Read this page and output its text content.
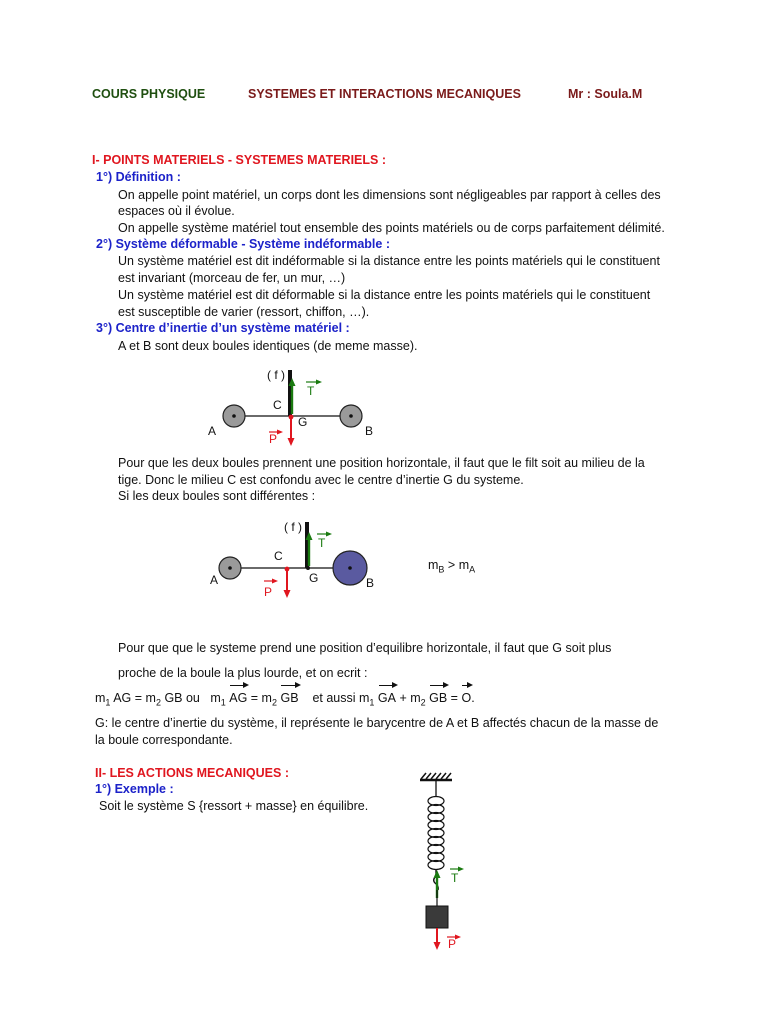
COURS PHYSIQUE	SYSTEMES ET INTERACTIONS MECANIQUES	Mr : Soula.M
I- POINTS MATERIELS - SYSTEMES MATERIELS :
1°) Définition :
On appelle point matériel, un corps dont les dimensions sont négligeables par rapport à celles des
espaces où il évolue.
On appelle système matériel tout ensemble des points matériels ou de corps parfaitement délimité.
2°) Système déformable - Système indéformable :
Un système matériel est dit indéformable si la distance entre les points matériels qui le constituent
est invariant (morceau de fer, un mur, …)
Un système matériel est dit déformable si la distance entre les points matériels qui le constituent
est susceptible de varier (ressort, chiffon, …).
3°) Centre d’inertie d’un système matériel :
A et B sont deux boules identiques (de meme masse).
( f )
T
C
G
A	B
P
Pour que les deux boules prennent une position horizontale, il faut que le filt soit au milieu de la
tige. Donc le milieu C est confondu avec le centre d’inertie G du systeme.
Si les deux boules sont différentes :
( f )
T
C
G
A	B
P
$m_B > m_A$
Pour que que le systeme prend une position d’equilibre horizontale, il faut que G soit plus
proche de la boule la plus lourde, et on ecrit :
$m_1$ AG = $m_2$ GB ou $m_1$ AG = $m_2$ GB et aussi $m_1$ GA + $m_2$ GB = O.
G: le centre d’inertie du système, il représente le barycentre de A et B affectés chacun de la masse de
la boule correspondante.
II- LES ACTIONS MECANIQUES :
1°) Exemple :
Soit le système S {ressort + masse} en équilibre.
T
P
